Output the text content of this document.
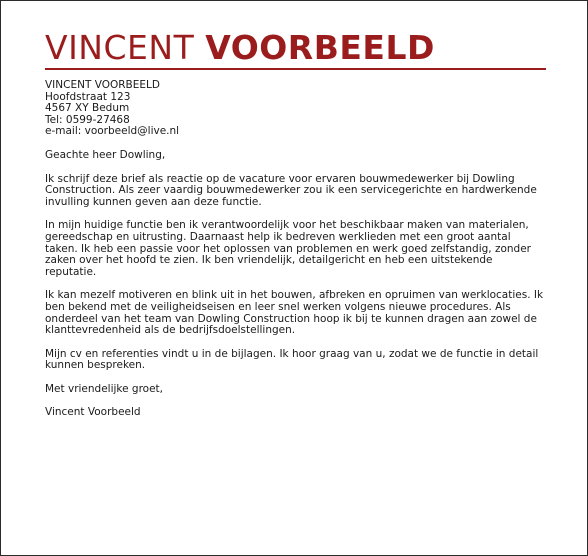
VINCENT VOORBEELD
VINCENT VOORBEELD
Hoofdstraat 123
4567 XY Bedum
Tel: 0599-27468
e-mail: voorbeeld@live.nl
Geachte heer Dowling,
Ik schrijf deze brief als reactie op de vacature voor ervaren bouwmedewerker bij Dowling Construction. Als zeer vaardig bouwmedewerker zou ik een servicegerichte en hardwerkende invulling kunnen geven aan deze functie.
In mijn huidige functie ben ik verantwoordelijk voor het beschikbaar maken van materialen, gereedschap en uitrusting. Daarnaast help ik bedreven werklieden met een groot aantal taken. Ik heb een passie voor het oplossen van problemen en werk goed zelfstandig, zonder zaken over het hoofd te zien. Ik ben vriendelijk, detailgericht en heb een uitstekende reputatie.
Ik kan mezelf motiveren en blink uit in het bouwen, afbreken en opruimen van werklocaties. Ik ben bekend met de veiligheidseisen en leer snel werken volgens nieuwe procedures. Als onderdeel van het team van Dowling Construction hoop ik bij te kunnen dragen aan zowel de klanttevredenheid als de bedrijfsdoelstellingen.
Mijn cv en referenties vindt u in de bijlagen. Ik hoor graag van u, zodat we de functie in detail kunnen bespreken.
Met vriendelijke groet,
Vincent Voorbeeld
